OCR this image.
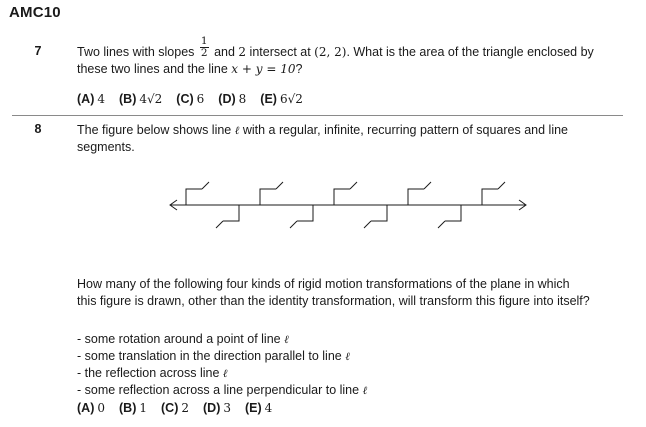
AMC10
7	Two lines with slopes $\frac{1}{2}$ and 2 intersect at (2, 2). What is the area of the triangle enclosed by
these two lines and the line x + y = 10?
(A) 4 (B) 4√2 (C) 6 (D) 8 (E) 6√2
8	The figure below shows line ℓ with a regular, infinite, recurring pattern of squares and line
segments.
How many of the following four kinds of rigid motion transformations of the plane in which
this figure is drawn, other than the identity transformation, will transform this figure into itself?
- some rotation around a point of line ℓ
- some translation in the direction parallel to line ℓ
- the reflection across line ℓ
- some reflection across a line perpendicular to line ℓ
(A) 0 (B) 1 (C) 2 (D) 3 (E) 4
